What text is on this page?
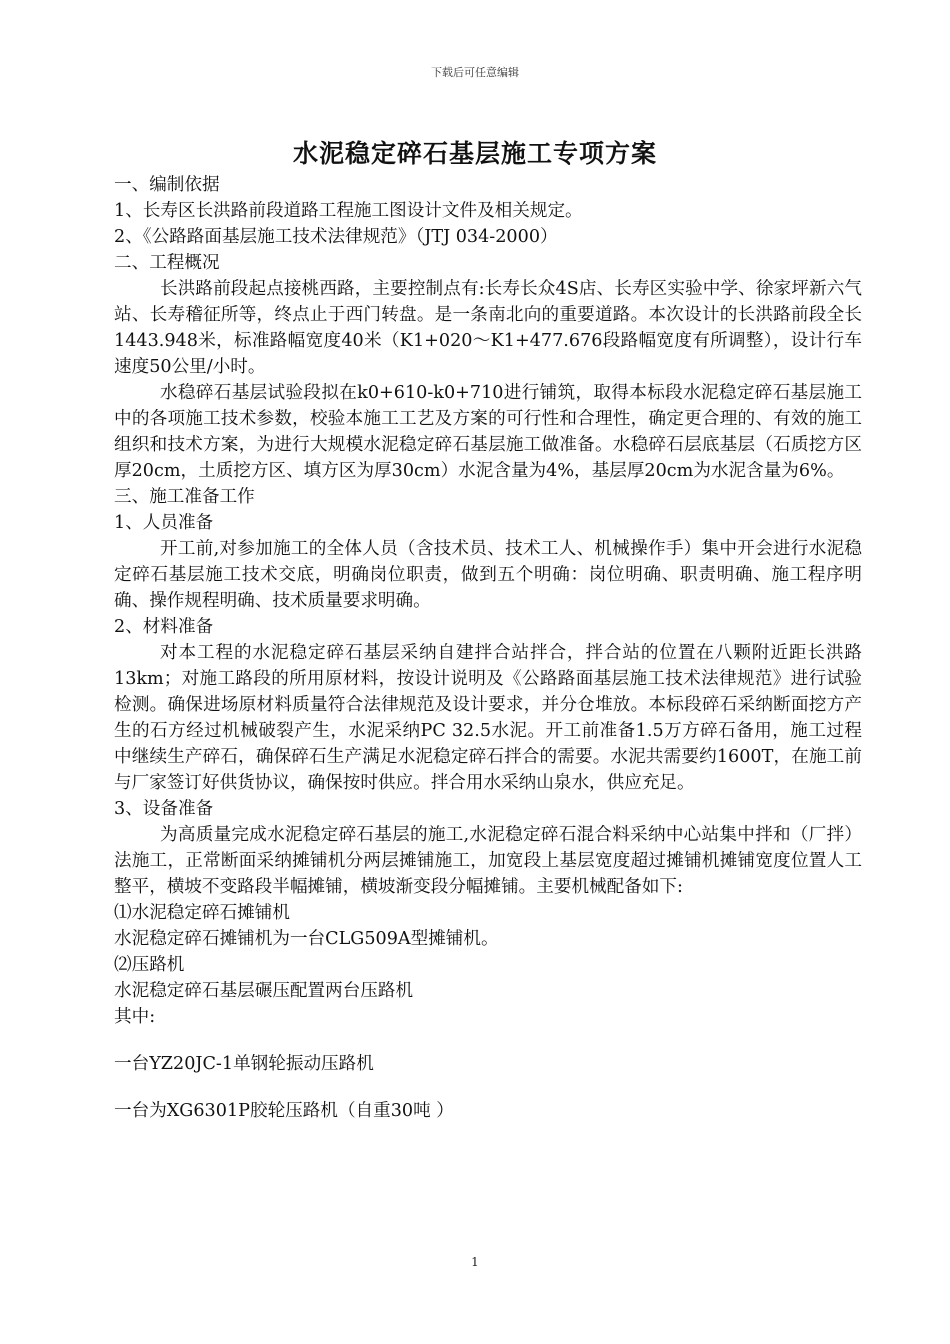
下载后可任意编辑
水泥稳定碎石基层施工专项方案

一、编制依据

1、长寿区长洪路前段道路工程施工图设计文件及相关规定。

2、《公路路面基层施工技术法律规范》（JTJ 034-2000）

二、工程概况

长洪路前段起点接桃西路，主要控制点有:长寿长众4S店、长寿区实验中学、徐家坪新六气站、长寿稽征所等，终点止于西门转盘。是一条南北向的重要道路。本次设计的长洪路前段全长1443.948米，标准路幅宽度40米（K1+020～K1+477.676段路幅宽度有所调整），设计行车速度50公里/小时。

水稳碎石基层试验段拟在k0+610-k0+710进行铺筑，取得本标段水泥稳定碎石基层施工中的各项施工技术参数，校验本施工工艺及方案的可行性和合理性，确定更合理的、有效的施工组织和技术方案，为进行大规模水泥稳定碎石基层施工做准备。水稳碎石层底基层（石质挖方区厚20cm，土质挖方区、填方区为厚30cm）水泥含量为4%，基层厚20cm为水泥含量为6%。

三、施工准备工作

1、人员准备

开工前,对参加施工的全体人员（含技术员、技术工人、机械操作手）集中开会进行水泥稳定碎石基层施工技术交底，明确岗位职责，做到五个明确：岗位明确、职责明确、施工程序明确、操作规程明确、技术质量要求明确。

2、材料准备

对本工程的水泥稳定碎石基层采纳自建拌合站拌合，拌合站的位置在八颗附近距长洪路13km；对施工路段的所用原材料，按设计说明及《公路路面基层施工技术法律规范》进行试验检测。确保进场原材料质量符合法律规范及设计要求，并分仓堆放。本标段碎石采纳断面挖方产生的石方经过机械破裂产生，水泥采纳PC 32.5水泥。开工前准备1.5万方碎石备用，施工过程中继续生产碎石，确保碎石生产满足水泥稳定碎石拌合的需要。水泥共需要约1600T，在施工前与厂家签订好供货协议，确保按时供应。拌合用水采纳山泉水，供应充足。

3、设备准备

为高质量完成水泥稳定碎石基层的施工,水泥稳定碎石混合料采纳中心站集中拌和（厂拌）法施工，正常断面采纳摊铺机分两层摊铺施工，加宽段上基层宽度超过摊铺机摊铺宽度位置人工整平，横坡不变路段半幅摊铺，横坡渐变段分幅摊铺。主要机械配备如下:

⑴水泥稳定碎石摊铺机

水泥稳定碎石摊铺机为一台CLG509A型摊铺机。

⑵压路机

水泥稳定碎石基层碾压配置两台压路机

其中:

一台YZ20JC-1单钢轮振动压路机

一台为XG6301P胶轮压路机（自重30吨 ）

1
